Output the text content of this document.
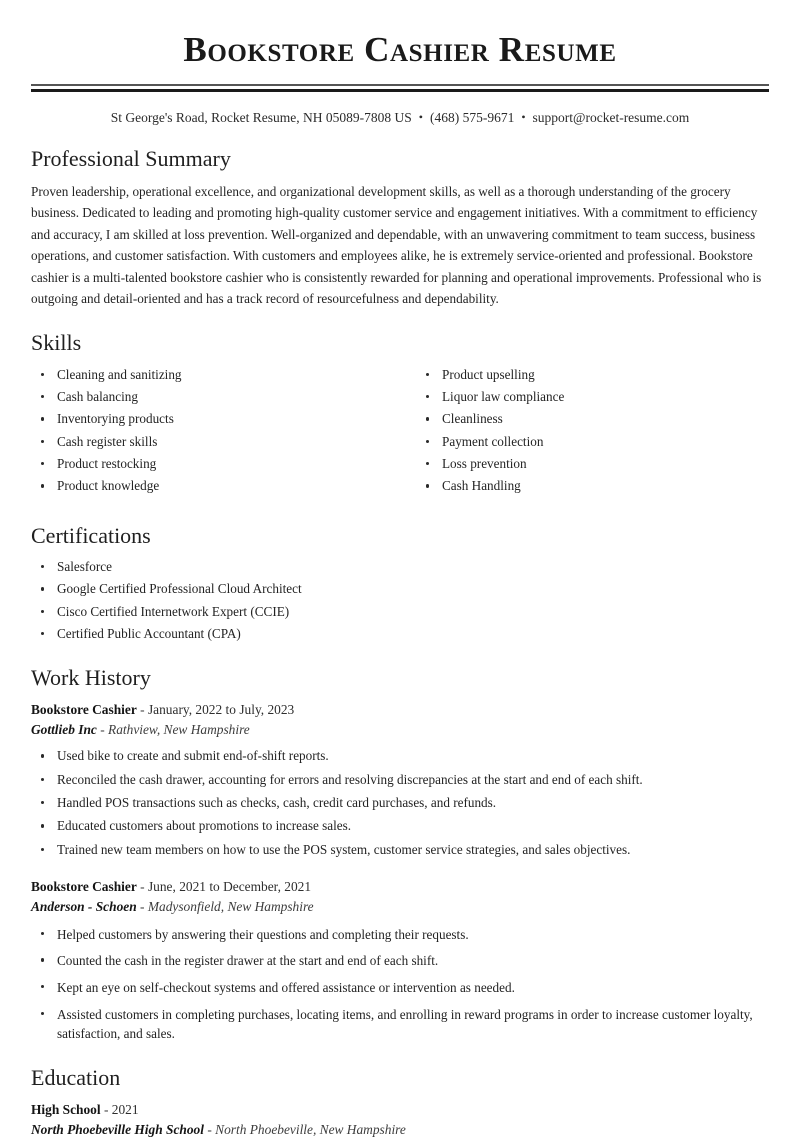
Bookstore Cashier Resume
St George's Road, Rocket Resume, NH 05089-7808 US • (468) 575-9671 • support@rocket-resume.com
Professional Summary

Proven leadership, operational excellence, and organizational development skills, as well as a thorough understanding of the grocery business. Dedicated to leading and promoting high-quality customer service and engagement initiatives. With a commitment to efficiency and accuracy, I am skilled at loss prevention. Well-organized and dependable, with an unwavering commitment to team success, business operations, and customer satisfaction. With customers and employees alike, he is extremely service-oriented and professional. Bookstore cashier is a multi-talented bookstore cashier who is consistently rewarded for planning and operational improvements. Professional who is outgoing and detail-oriented and has a track record of resourcefulness and dependability.

Skills
Cleaning and sanitizing
Cash balancing
Inventorying products
Cash register skills
Product restocking
Product knowledge
Product upselling
Liquor law compliance
Cleanliness
Payment collection
Loss prevention
Cash Handling
Certifications
Salesforce
Google Certified Professional Cloud Architect
Cisco Certified Internetwork Expert (CCIE)
Certified Public Accountant (CPA)
Work History
Bookstore Cashier - January, 2022 to July, 2023
Gottlieb Inc - Rathview, New Hampshire
Used bike to create and submit end-of-shift reports.
Reconciled the cash drawer, accounting for errors and resolving discrepancies at the start and end of each shift.
Handled POS transactions such as checks, cash, credit card purchases, and refunds.
Educated customers about promotions to increase sales.
Trained new team members on how to use the POS system, customer service strategies, and sales objectives.
Bookstore Cashier - June, 2021 to December, 2021
Anderson - Schoen - Madysonfield, New Hampshire
Helped customers by answering their questions and completing their requests.
Counted the cash in the register drawer at the start and end of each shift.
Kept an eye on self-checkout systems and offered assistance or intervention as needed.
Assisted customers in completing purchases, locating items, and enrolling in reward programs in order to increase customer loyalty, satisfaction, and sales.
Education
High School - 2021
North Phoebeville High School - North Phoebeville, New Hampshire
